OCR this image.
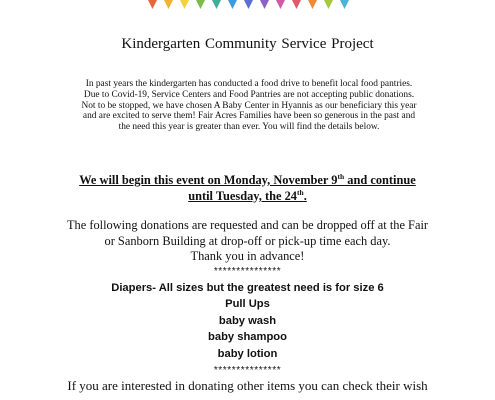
Kindergarten Community Service Project
In past years the kindergarten has conducted a food drive to benefit local food pantries.
Due to Covid-19, Service Centers and Food Pantries are not accepting public donations.
Not to be stopped, we have chosen A Baby Center in Hyannis as our beneficiary this year
and are excited to serve them! Fair Acres Families have been so generous in the past and
the need this year is greater than ever. You will find the details below.
We will begin this event on Monday, November 9th and continue
until Tuesday, the 24th.
The following donations are requested and can be dropped off at the Fair
or Sanborn Building at drop-off or pick-up time each day.
Thank you in advance!
***************
Diapers- All sizes but the greatest need is for size 6
Pull Ups
baby wash
baby shampoo
baby lotion
***************
If you are interested in donating other items you can check their wish
